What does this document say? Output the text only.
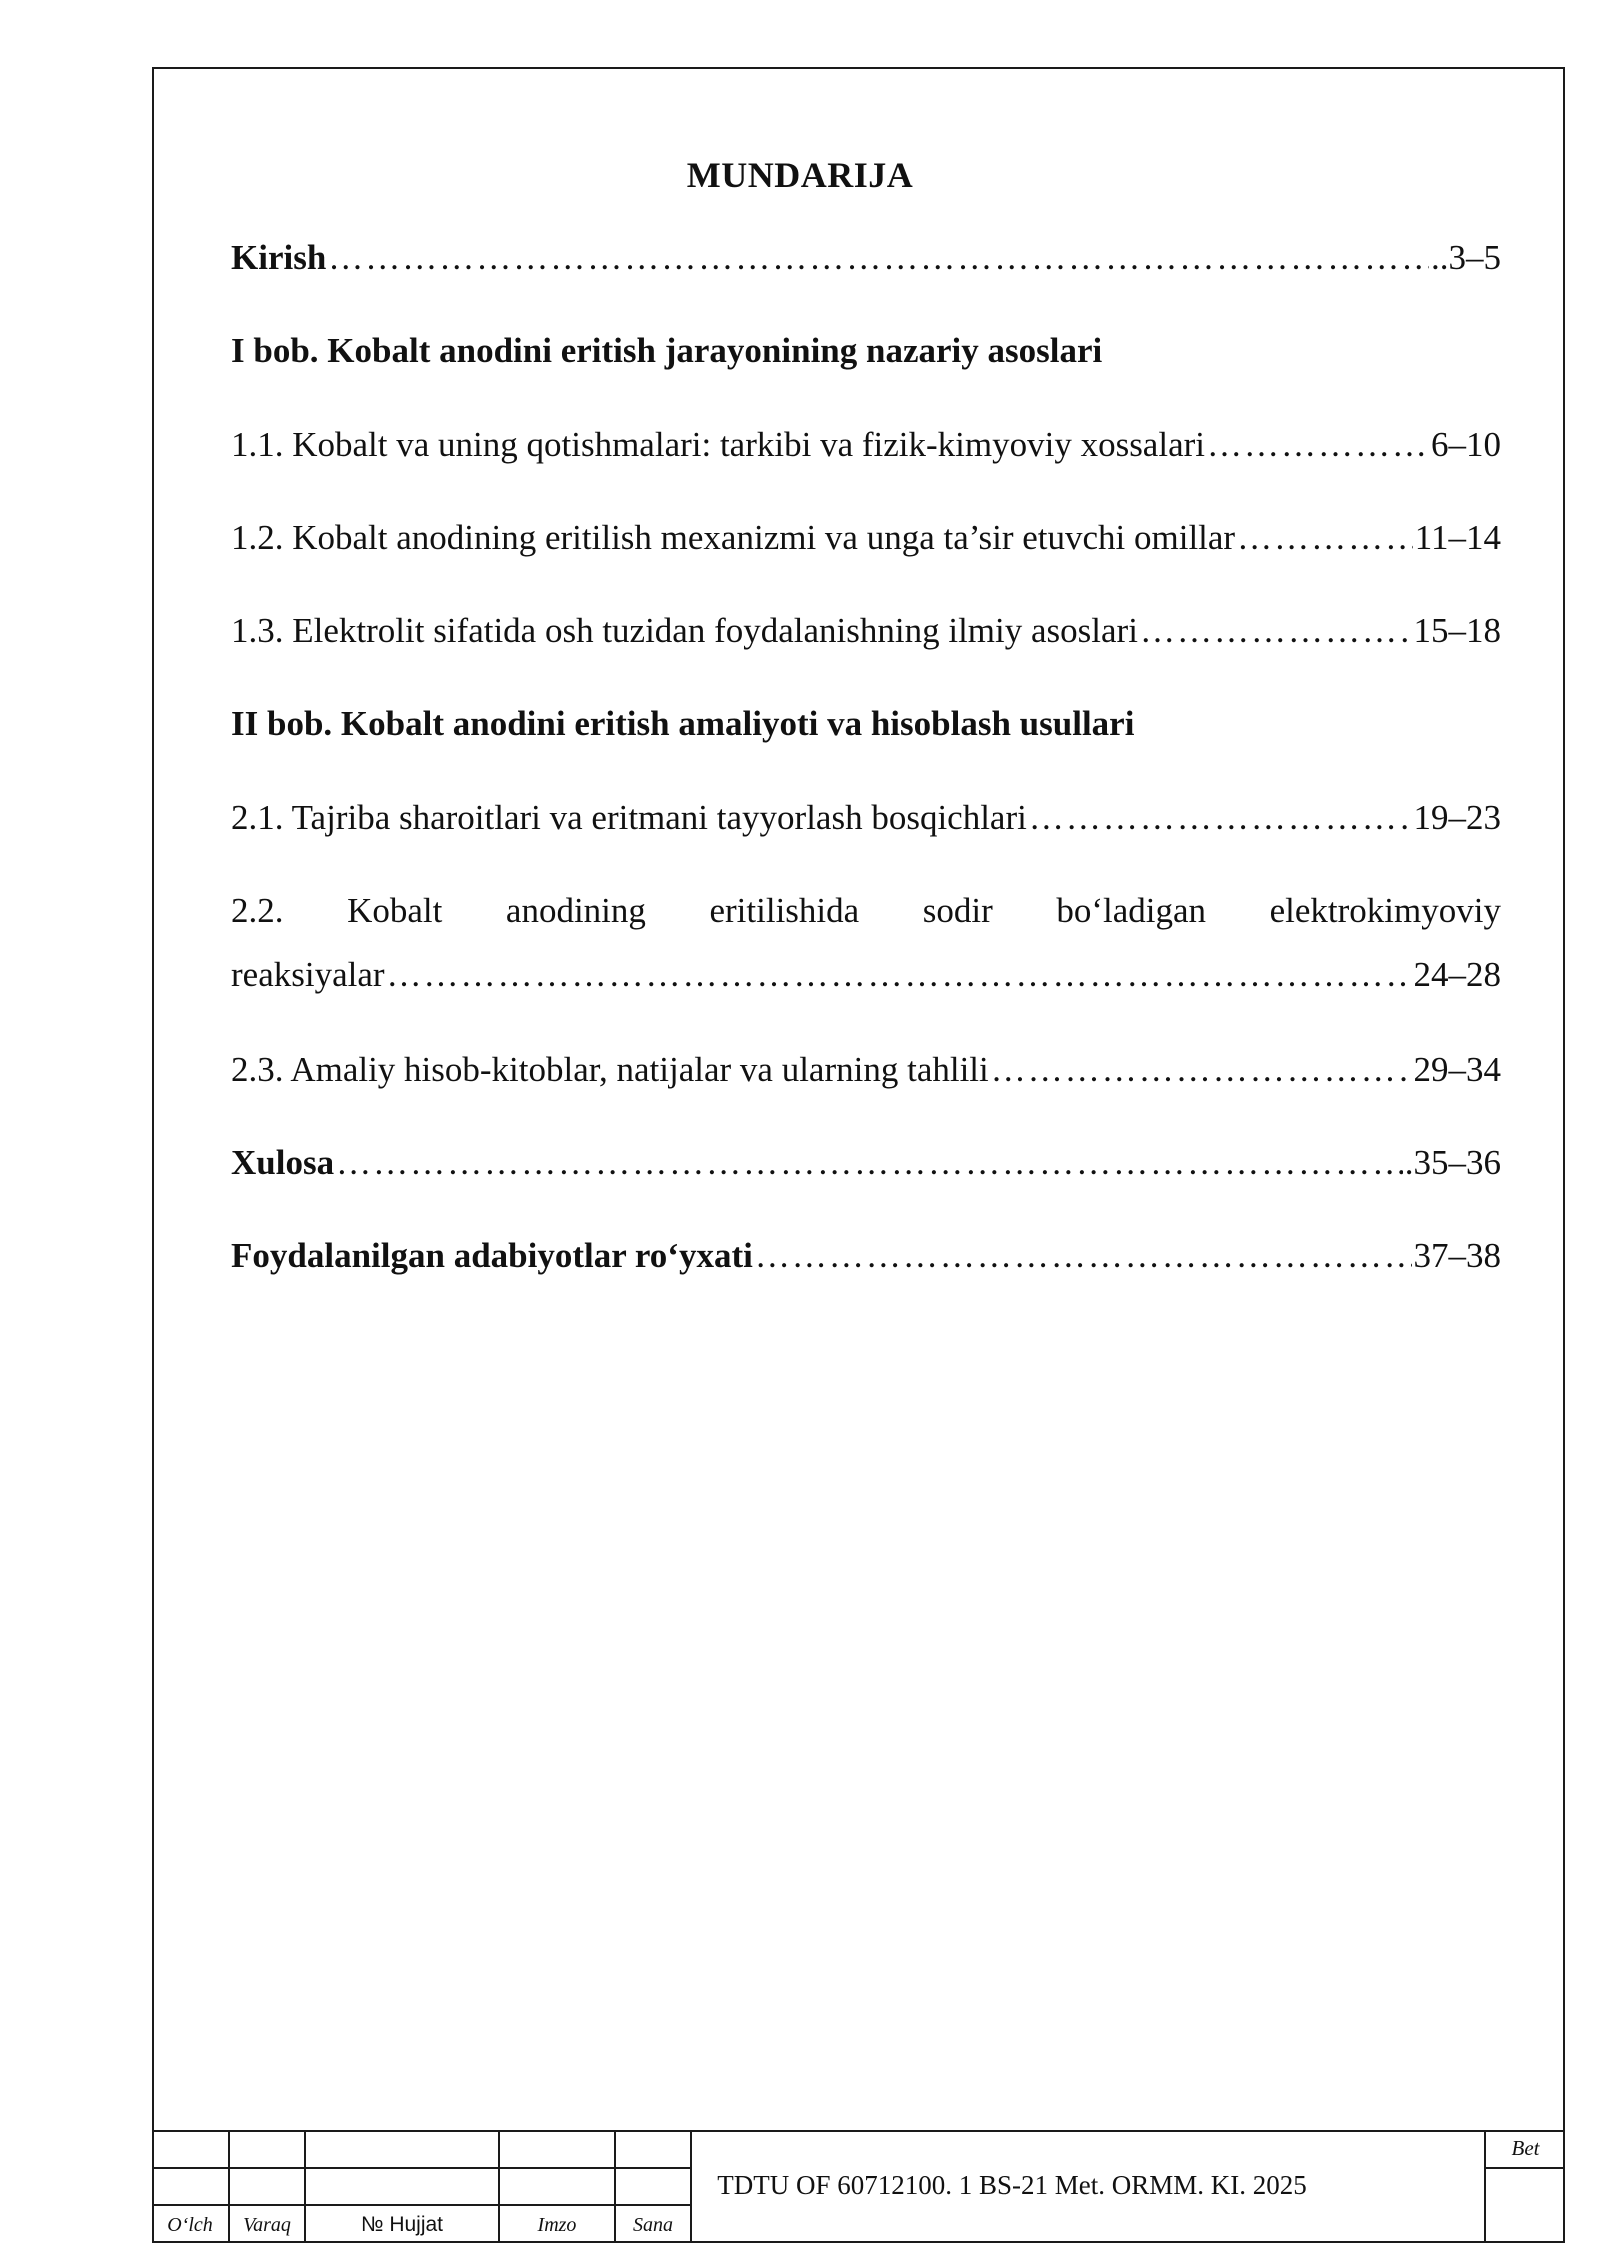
MUNDARIJA
Kirish ……………………………………………………………………………………………………………………………………………………………	..3–5
I bob. Kobalt anodini eritish jarayonining nazariy asoslari
1.1. Kobalt va uning qotishmalari: tarkibi va fizik-kimyoviy xossalari ……………………………………………………………………………………………………………………………………………………………	6–10
1.2. Kobalt anodining eritilish mexanizmi va unga ta’sir etuvchi omillar ……………………………………………………………………………………………………………………………………………………………	11–14
1.3. Elektrolit sifatida osh tuzidan foydalanishning ilmiy asoslari ……………………………………………………………………………………………………………………………………………………………	15–18
II bob. Kobalt anodini eritish amaliyoti va hisoblash usullari
2.1. Tajriba sharoitlari va eritmani tayyorlash bosqichlari ……………………………………………………………………………………………………………………………………………………………	19–23
2.2. Kobalt anodining eritilishida sodir bo‘ladigan elektrokimyoviy
reaksiyalar ……………………………………………………………………………………………………………………………………………………………	24–28
2.3. Amaliy hisob-kitoblar, natijalar va ularning tahlili ……………………………………………………………………………………………………………………………………………………………	29–34
Xulosa ……………………………………………………………………………………………………………………………………………………………	.35–36
Foydalanilgan adabiyotlar ro‘yxati ……………………………………………………………………………………………………………………………………………………………	37–38
O‘lch	Varaq	№ Hujjat	Imzo	Sana
TDTU OF 60712100. 1 BS-21 Met. ORMM. KI. 2025
Bet
